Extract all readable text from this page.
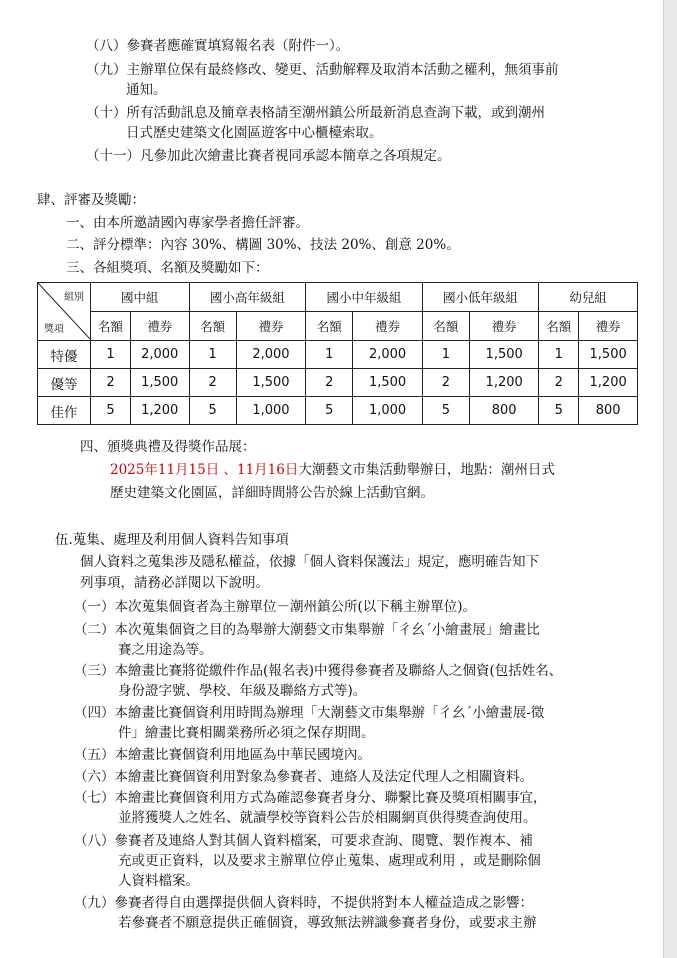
（八）參賽者應確實填寫報名表（附件一）。
（九）主辦單位保有最終修改、變更、活動解釋及取消本活動之權利，無須事前
通知。
（十）所有活動訊息及簡章表格請至潮州鎮公所最新消息查詢下載，或到潮州
日式歷史建築文化園區遊客中心櫃檯索取。
（十一）凡參加此次繪畫比賽者視同承認本簡章之各項規定。
肆、評審及獎勵：
一、由本所邀請國內專家學者擔任評審。
二、評分標準：內容 30%、構圖 30%、技法 20%、創意 20%。
三、各組獎項、名額及獎勵如下：
組別
獎項	國中組		國小高年級組		國小中年級組		國小低年級組		幼兒組	
	名額	禮券	名額	禮券	名額	禮券	名額	禮券	名額	禮券
特優	1	2,000	1	2,000	1	2,000	1	1,500	1	1,500
優等	2	1,500	2	1,500	2	1,500	2	1,200	2	1,200
佳作	5	1,200	5	1,000	5	1,000	5	800	5	800
四、頒獎典禮及得獎作品展：
2025年11月15日 、11月16日大潮藝文市集活動舉辦日，地點：潮州日式
歷史建築文化園區，詳細時間將公告於線上活動官網。
伍.蒐集、處理及利用個人資料告知事項
個人資料之蒐集涉及隱私權益，依據「個人資料保護法」規定，應明確告知下
列事項，請務必詳閱以下說明。
（一）本次蒐集個資者為主辦單位－潮州鎮公所(以下稱主辦單位)。
（二）本次蒐集個資之目的為舉辦大潮藝文市集舉辦「彳幺ˊ小繪畫展」繪畫比
賽之用途為等。
（三）本繪畫比賽將從繳件作品(報名表)中獲得參賽者及聯絡人之個資(包括姓名、
身份證字號、學校、年級及聯絡方式等)。
（四）本繪畫比賽個資利用時間為辦理「大潮藝文市集舉辦「彳幺ˊ小繪畫展-徵
件」繪畫比賽相關業務所必須之保存期間。
（五）本繪畫比賽個資利用地區為中華民國境內。
（六）本繪畫比賽個資利用對象為參賽者、連絡人及法定代理人之相關資料。
（七）本繪畫比賽個資利用方式為確認參賽者身分、聯繫比賽及獎項相關事宜，
並將獲獎人之姓名、就讀學校等資料公告於相關網頁供得獎查詢使用。
（八）參賽者及連絡人對其個人資料檔案，可要求查詢、閱覽、製作複本、補
充或更正資料，以及要求主辦單位停止蒐集、處理或利用 ，或是刪除個
人資料檔案。
（九）參賽者得自由選擇提供個人資料時，不提供將對本人權益造成之影響：
若參賽者不願意提供正確個資，導致無法辨識參賽者身份，或要求主辦
